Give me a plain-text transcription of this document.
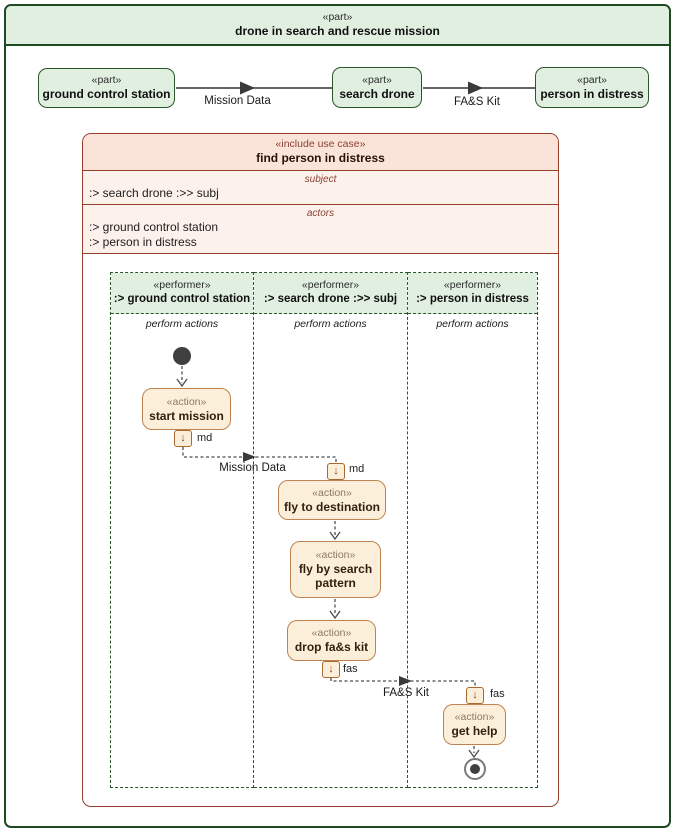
«part»
drone in search and rescue mission
«part»
ground control station
«part»
search drone
«part»
person in distress
Mission Data	FA&S Kit
«include use case»
find person in distress
subject
:> search drone :>> subj
actors
:> ground control station
:> person in distress
«performer»
:> ground control station
perform actions
«performer»
:> search drone :>> subj
perform actions
«performer»
:> person in distress
perform actions
«action»
start mission
«action»
fly to destination
«action»
fly by search pattern
«action»
drop fa&s kit
«action»
get help
↓ md
↓ md
↓ fas
↓ fas
Mission Data
FA&S Kit
